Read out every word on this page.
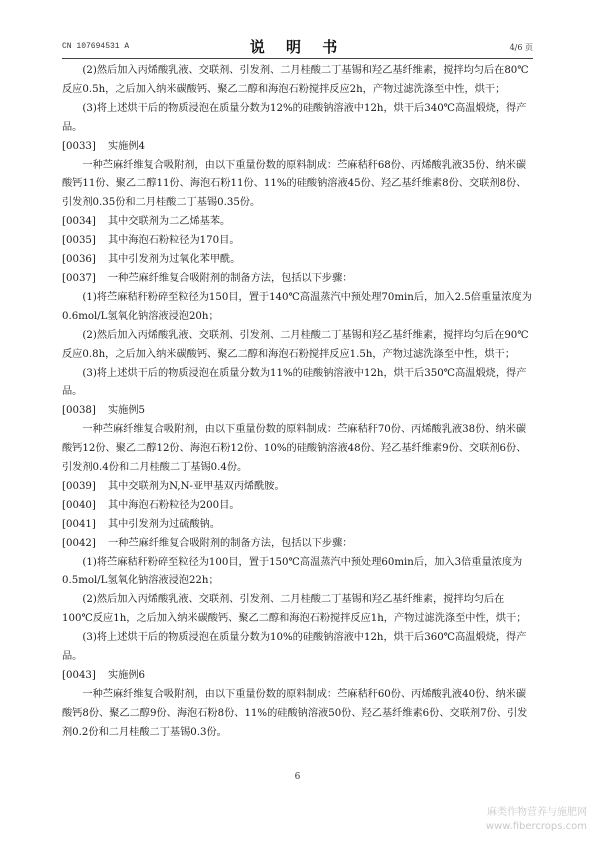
CN 107694531 A	说 明 书	4/6 页

(2)然后加入丙烯酸乳液、交联剂、引发剂、二月桂酸二丁基锡和羟乙基纤维素，搅拌均匀后在80℃反应0.5h，之后加入纳米碳酸钙、聚乙二醇和海泡石粉搅拌反应2h，产物过滤洗涤至中性，烘干；

(3)将上述烘干后的物质浸泡在质量分数为12%的硅酸钠溶液中12h，烘干后340℃高温煅烧，得产品。

[0033] 实施例4

一种苎麻纤维复合吸附剂，由以下重量份数的原料制成：苎麻秸秆68份、丙烯酸乳液35份、纳米碳酸钙11份、聚乙二醇11份、海泡石粉11份、11%的硅酸钠溶液45份、羟乙基纤维素8份、交联剂8份、引发剂0.35份和二月桂酸二丁基锡0.35份。

[0034] 其中交联剂为二乙烯基苯。

[0035] 其中海泡石粉粒径为170目。

[0036] 其中引发剂为过氧化苯甲酰。

[0037] 一种苎麻纤维复合吸附剂的制备方法，包括以下步骤：

(1)将苎麻秸秆粉碎至粒径为150目，置于140℃高温蒸汽中预处理70min后，加入2.5倍重量浓度为0.6mol/L氢氧化钠溶液浸泡20h；

(2)然后加入丙烯酸乳液、交联剂、引发剂、二月桂酸二丁基锡和羟乙基纤维素，搅拌均匀后在90℃反应0.8h，之后加入纳米碳酸钙、聚乙二醇和海泡石粉搅拌反应1.5h，产物过滤洗涤至中性，烘干；

(3)将上述烘干后的物质浸泡在质量分数为11%的硅酸钠溶液中12h，烘干后350℃高温煅烧，得产品。

[0038] 实施例5

一种苎麻纤维复合吸附剂，由以下重量份数的原料制成：苎麻秸秆70份、丙烯酸乳液38份、纳米碳酸钙12份、聚乙二醇12份、海泡石粉12份、10%的硅酸钠溶液48份、羟乙基纤维素9份、交联剂6份、引发剂0.4份和二月桂酸二丁基锡0.4份。

[0039] 其中交联剂为N,N-亚甲基双丙烯酰胺。

[0040] 其中海泡石粉粒径为200目。

[0041] 其中引发剂为过硫酸钠。

[0042] 一种苎麻纤维复合吸附剂的制备方法，包括以下步骤：

(1)将苎麻秸秆粉碎至粒径为100目，置于150℃高温蒸汽中预处理60min后，加入3倍重量浓度为0.5mol/L氢氧化钠溶液浸泡22h；

(2)然后加入丙烯酸乳液、交联剂、引发剂、二月桂酸二丁基锡和羟乙基纤维素，搅拌均匀后在100℃反应1h，之后加入纳米碳酸钙、聚乙二醇和海泡石粉搅拌反应1h，产物过滤洗涤至中性，烘干；

(3)将上述烘干后的物质浸泡在质量分数为10%的硅酸钠溶液中12h，烘干后360℃高温煅烧，得产品。

[0043] 实施例6

一种苎麻纤维复合吸附剂，由以下重量份数的原料制成：苎麻秸秆60份、丙烯酸乳液40份、纳米碳酸钙8份、聚乙二醇9份、海泡石粉8份、11%的硅酸钠溶液50份、羟乙基纤维素6份、交联剂7份、引发剂0.2份和二月桂酸二丁基锡0.3份。

6
麻类作物营养与施肥网
www.fibercrops.com
